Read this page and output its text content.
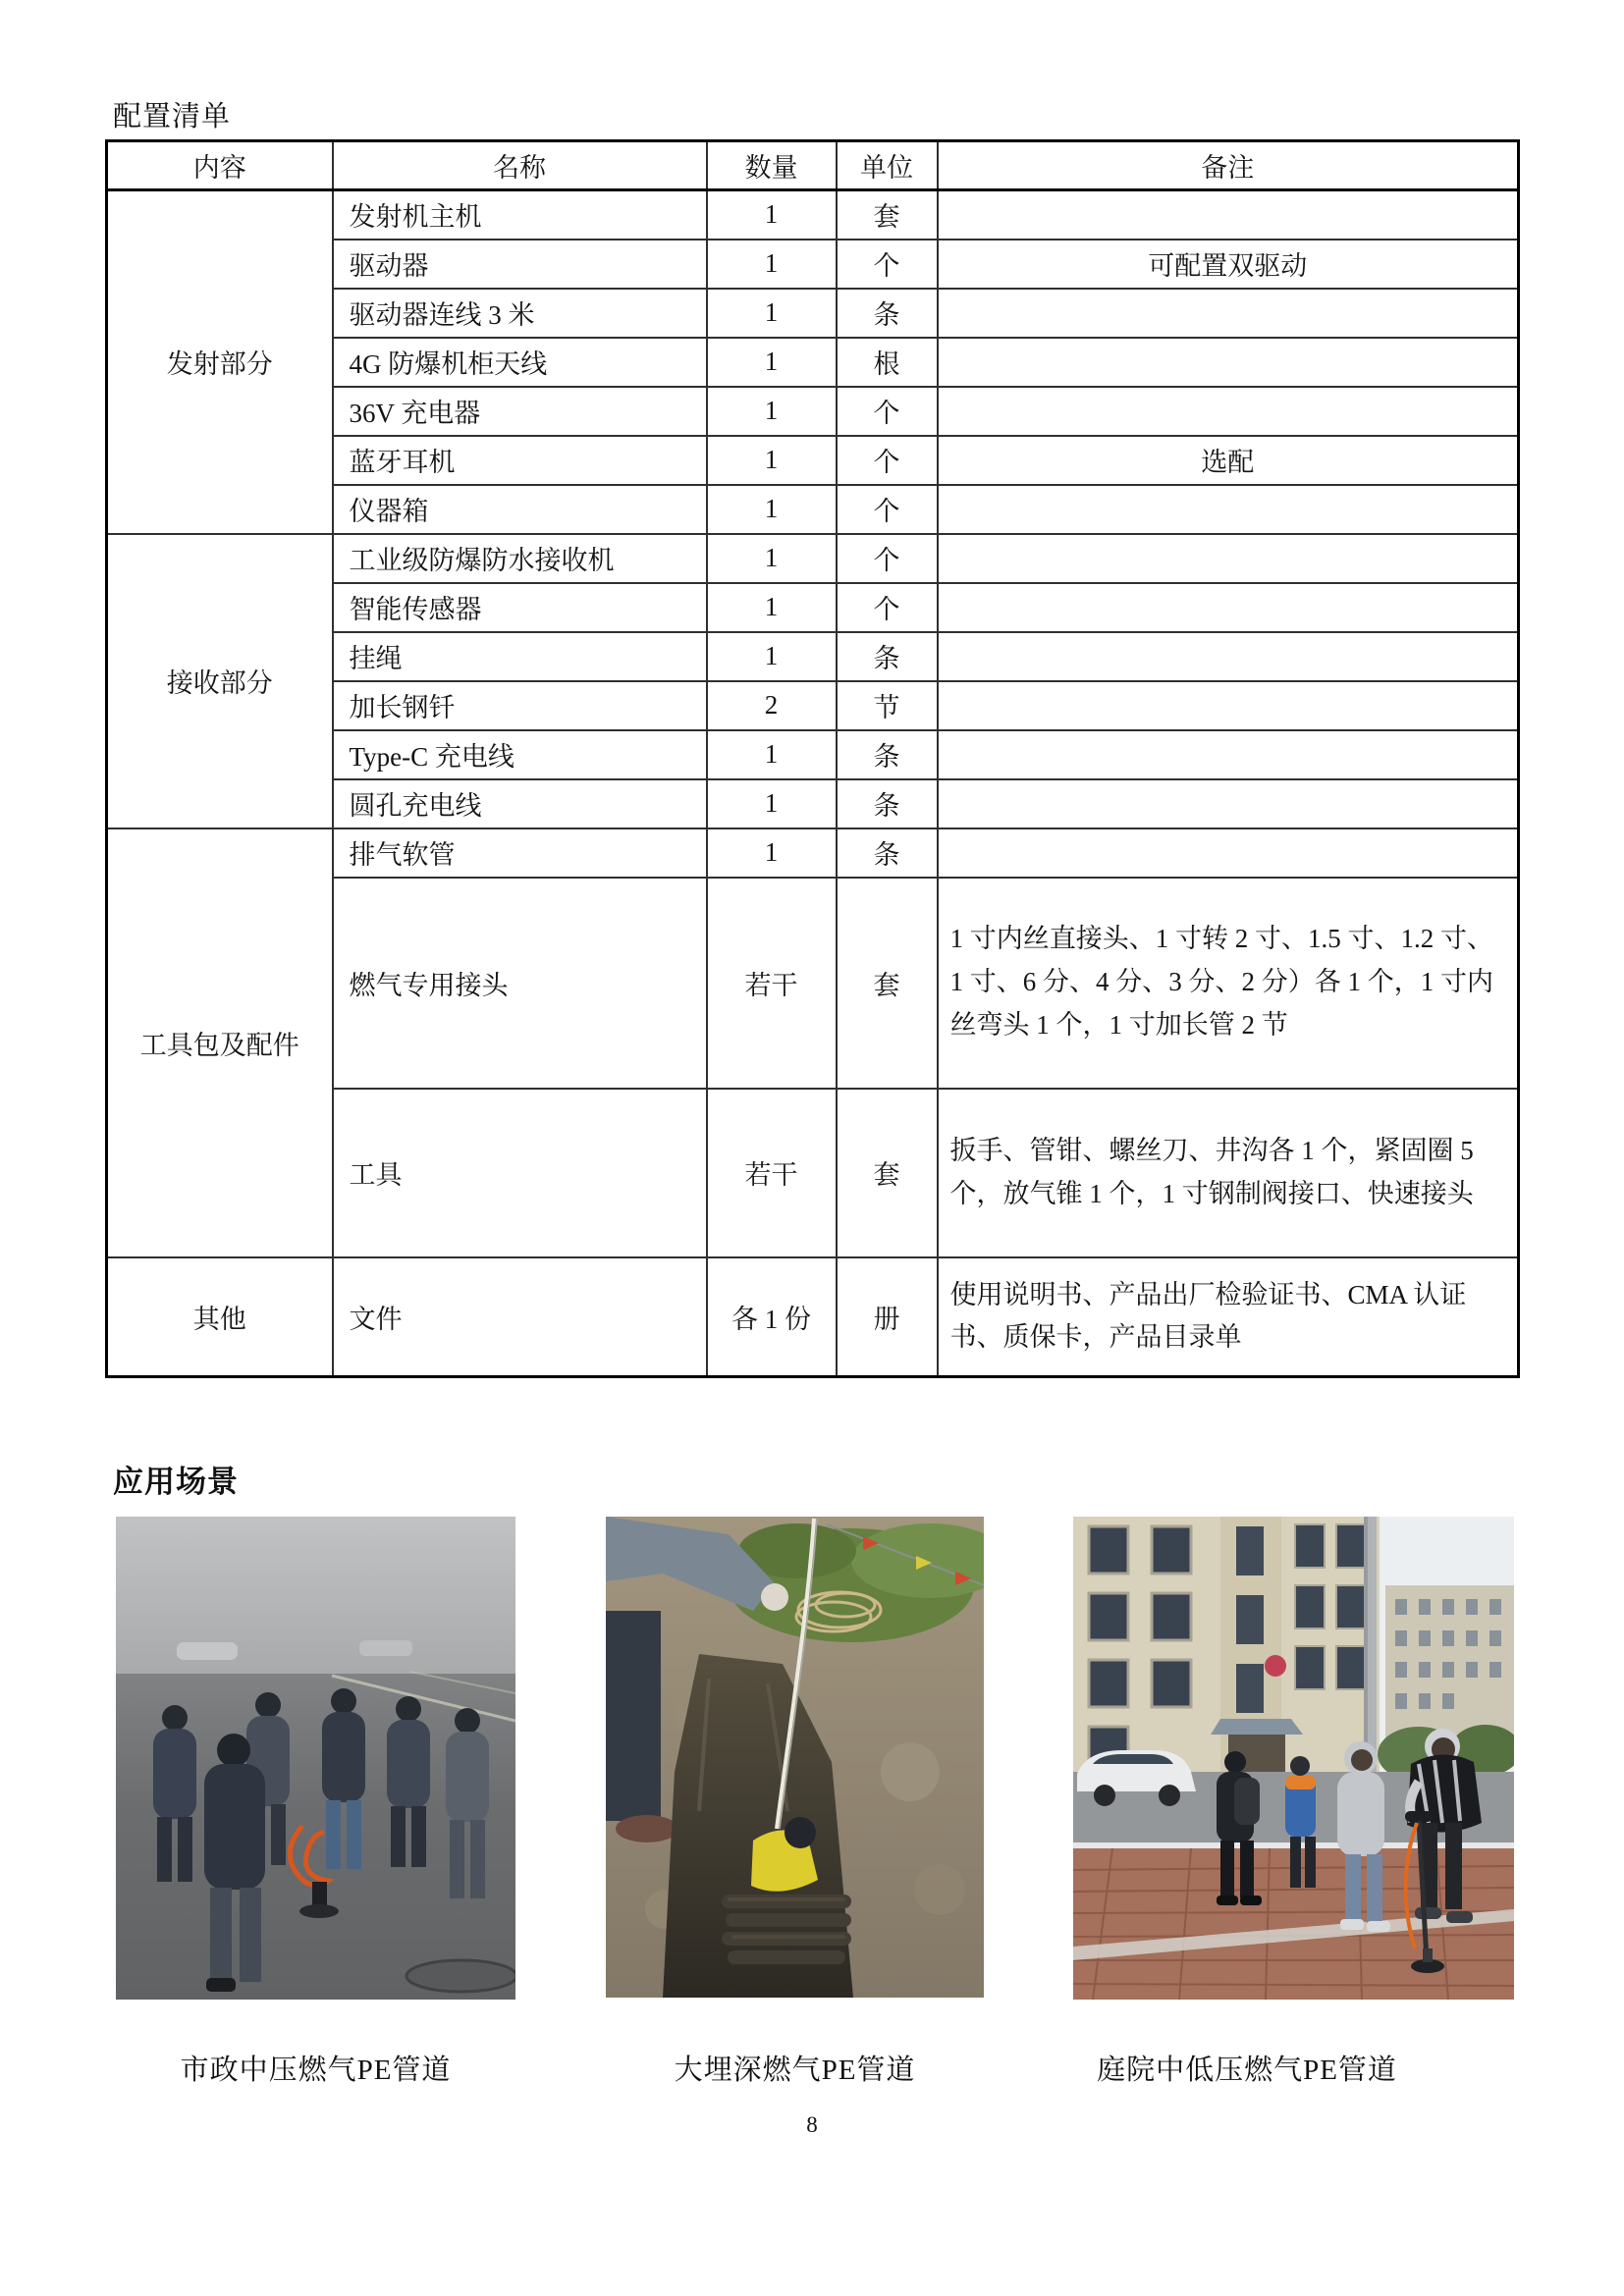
配置清单
内容	名称	数量	单位	备注
发射部分	发射机主机	1	套	
	驱动器	1	个	可配置双驱动
	驱动器连线 3 米	1	条	
	4G 防爆机柜天线	1	根	
	36V 充电器	1	个	
	蓝牙耳机	1	个	选配
	仪器箱	1	个	
接收部分	工业级防爆防水接收机	1	个	
	智能传感器	1	个	
	挂绳	1	条	
	加长钢钎	2	节	
	Type-C 充电线	1	条	
	圆孔充电线	1	条	
工具包及配件	排气软管	1	条	
	燃气专用接头	若干	套	1 寸内丝直接头、1 寸转 2 寸、1.5 寸、1.2 寸、1 寸、6 分、4 分、3 分、2 分）各 1 个，1 寸内丝弯头 1 个，1 寸加长管 2 节
	工具	若干	套	扳手、管钳、螺丝刀、井沟各 1 个，紧固圈 5 个，放气锥 1 个，1 寸钢制阀接口、快速接头
其他	文件	各 1 份	册	使用说明书、产品出厂检验证书、CMA 认证书、质保卡，产品目录单
应用场景
市政中压燃气PE管道	大埋深燃气PE管道	庭院中低压燃气PE管道
8
